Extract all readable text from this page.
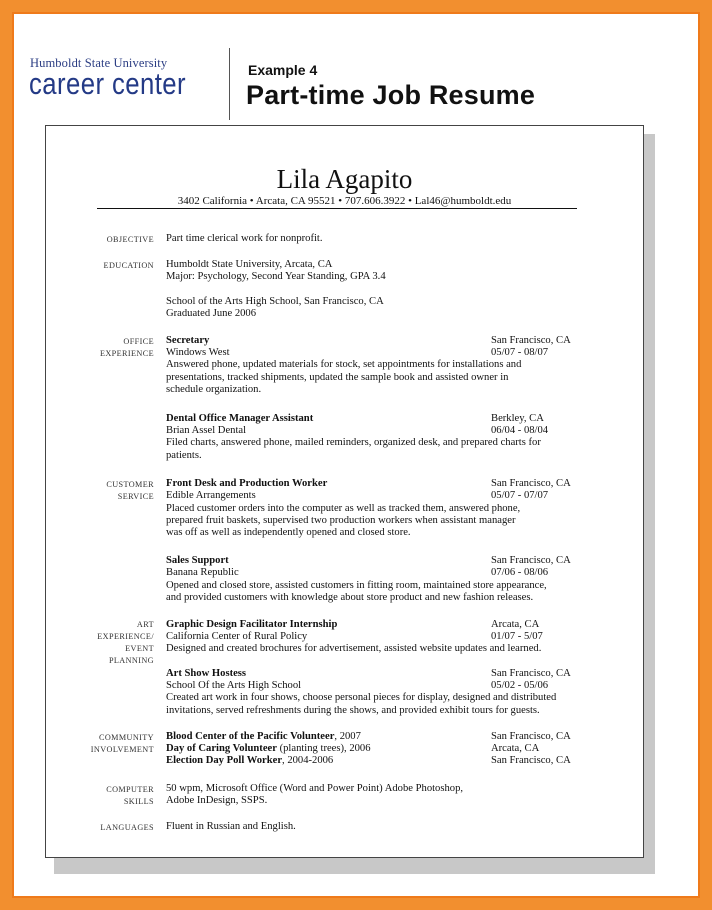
Humboldt State University
career center	Example 4
Part-time Job Resume
Lila Agapito
3402 California • Arcata, CA 95521 • 707.606.3922 • Lal46@humboldt.edu
OBJECTIVE Part time clerical work for nonprofit.
EDUCATION Humboldt State University, Arcata, CA
Major: Psychology, Second Year Standing, GPA 3.4
School of the Arts High School, San Francisco, CA
Graduated June 2006
OFFICE
EXPERIENCE
Secretary	San Francisco, CA
Windows West	05/07 - 08/07
Answered phone, updated materials for stock, set appointments for installations and
presentations, tracked shipments, updated the sample book and assisted owner in
schedule organization.
Dental Office Manager Assistant	Berkley, CA
Brian Assel Dental	06/04 - 08/04
Filed charts, answered phone, mailed reminders, organized desk, and prepared charts for
patients.
CUSTOMER
SERVICE
Front Desk and Production Worker	San Francisco, CA
Edible Arrangements	05/07 - 07/07
Placed customer orders into the computer as well as tracked them, answered phone,
prepared fruit baskets, supervised two production workers when assistant manager
was off as well as independently opened and closed store.
Sales Support	San Francisco, CA
Banana Republic	07/06 - 08/06
Opened and closed store, assisted customers in fitting room, maintained store appearance,
and provided customers with knowledge about store product and new fashion releases.
ART
EXPERIENCE/
EVENT
PLANNING
Graphic Design Facilitator Internship	Arcata, CA
California Center of Rural Policy	01/07 - 5/07
Designed and created brochures for advertisement, assisted website updates and learned.
Art Show Hostess	San Francisco, CA
School Of the Arts High School	05/02 - 05/06
Created art work in four shows, choose personal pieces for display, designed and distributed
invitations, served refreshments during the shows, and provided exhibit tours for guests.
COMMUNITY
INVOLVEMENT
Blood Center of the Pacific Volunteer, 2007	San Francisco, CA
Day of Caring Volunteer (planting trees), 2006	Arcata, CA
Election Day Poll Worker, 2004-2006	San Francisco, CA
COMPUTER
SKILLS
50 wpm, Microsoft Office (Word and Power Point) Adobe Photoshop,
Adobe InDesign, SSPS.
LANGUAGES Fluent in Russian and English.
